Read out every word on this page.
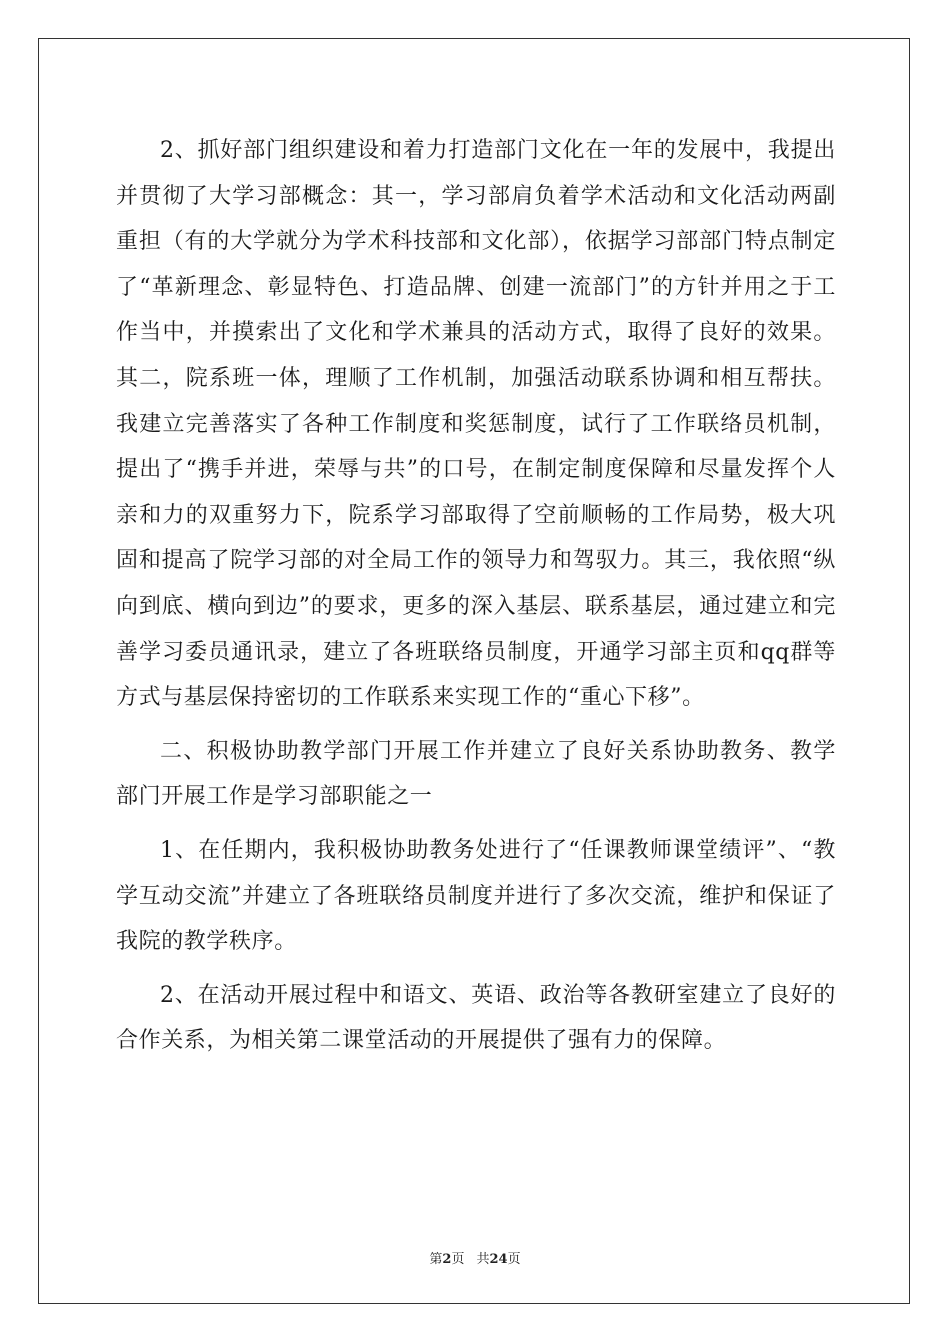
2、抓好部门组织建设和着力打造部门文化在一年的发展中，我提出并贯彻了大学习部概念：其一，学习部肩负着学术活动和文化活动两副重担（有的大学就分为学术科技部和文化部），依据学习部部门特点制定了“革新理念、彰显特色、打造品牌、创建一流部门”的方针并用之于工作当中，并摸索出了文化和学术兼具的活动方式，取得了良好的效果。其二，院系班一体，理顺了工作机制，加强活动联系协调和相互帮扶。我建立完善落实了各种工作制度和奖惩制度，试行了工作联络员机制，提出了“携手并进，荣辱与共”的口号，在制定制度保障和尽量发挥个人亲和力的双重努力下，院系学习部取得了空前顺畅的工作局势，极大巩固和提高了院学习部的对全局工作的领导力和驾驭力。其三，我依照“纵向到底、横向到边”的要求，更多的深入基层、联系基层，通过建立和完善学习委员通讯录，建立了各班联络员制度，开通学习部主页和qq群等方式与基层保持密切的工作联系来实现工作的“重心下移”。

二、积极协助教学部门开展工作并建立了良好关系协助教务、教学部门开展工作是学习部职能之一

1、在任期内，我积极协助教务处进行了“任课教师课堂绩评”、“教学互动交流”并建立了各班联络员制度并进行了多次交流，维护和保证了我院的教学秩序。

2、在活动开展过程中和语文、英语、政治等各教研室建立了良好的合作关系，为相关第二课堂活动的开展提供了强有力的保障。

第2页 共24页
